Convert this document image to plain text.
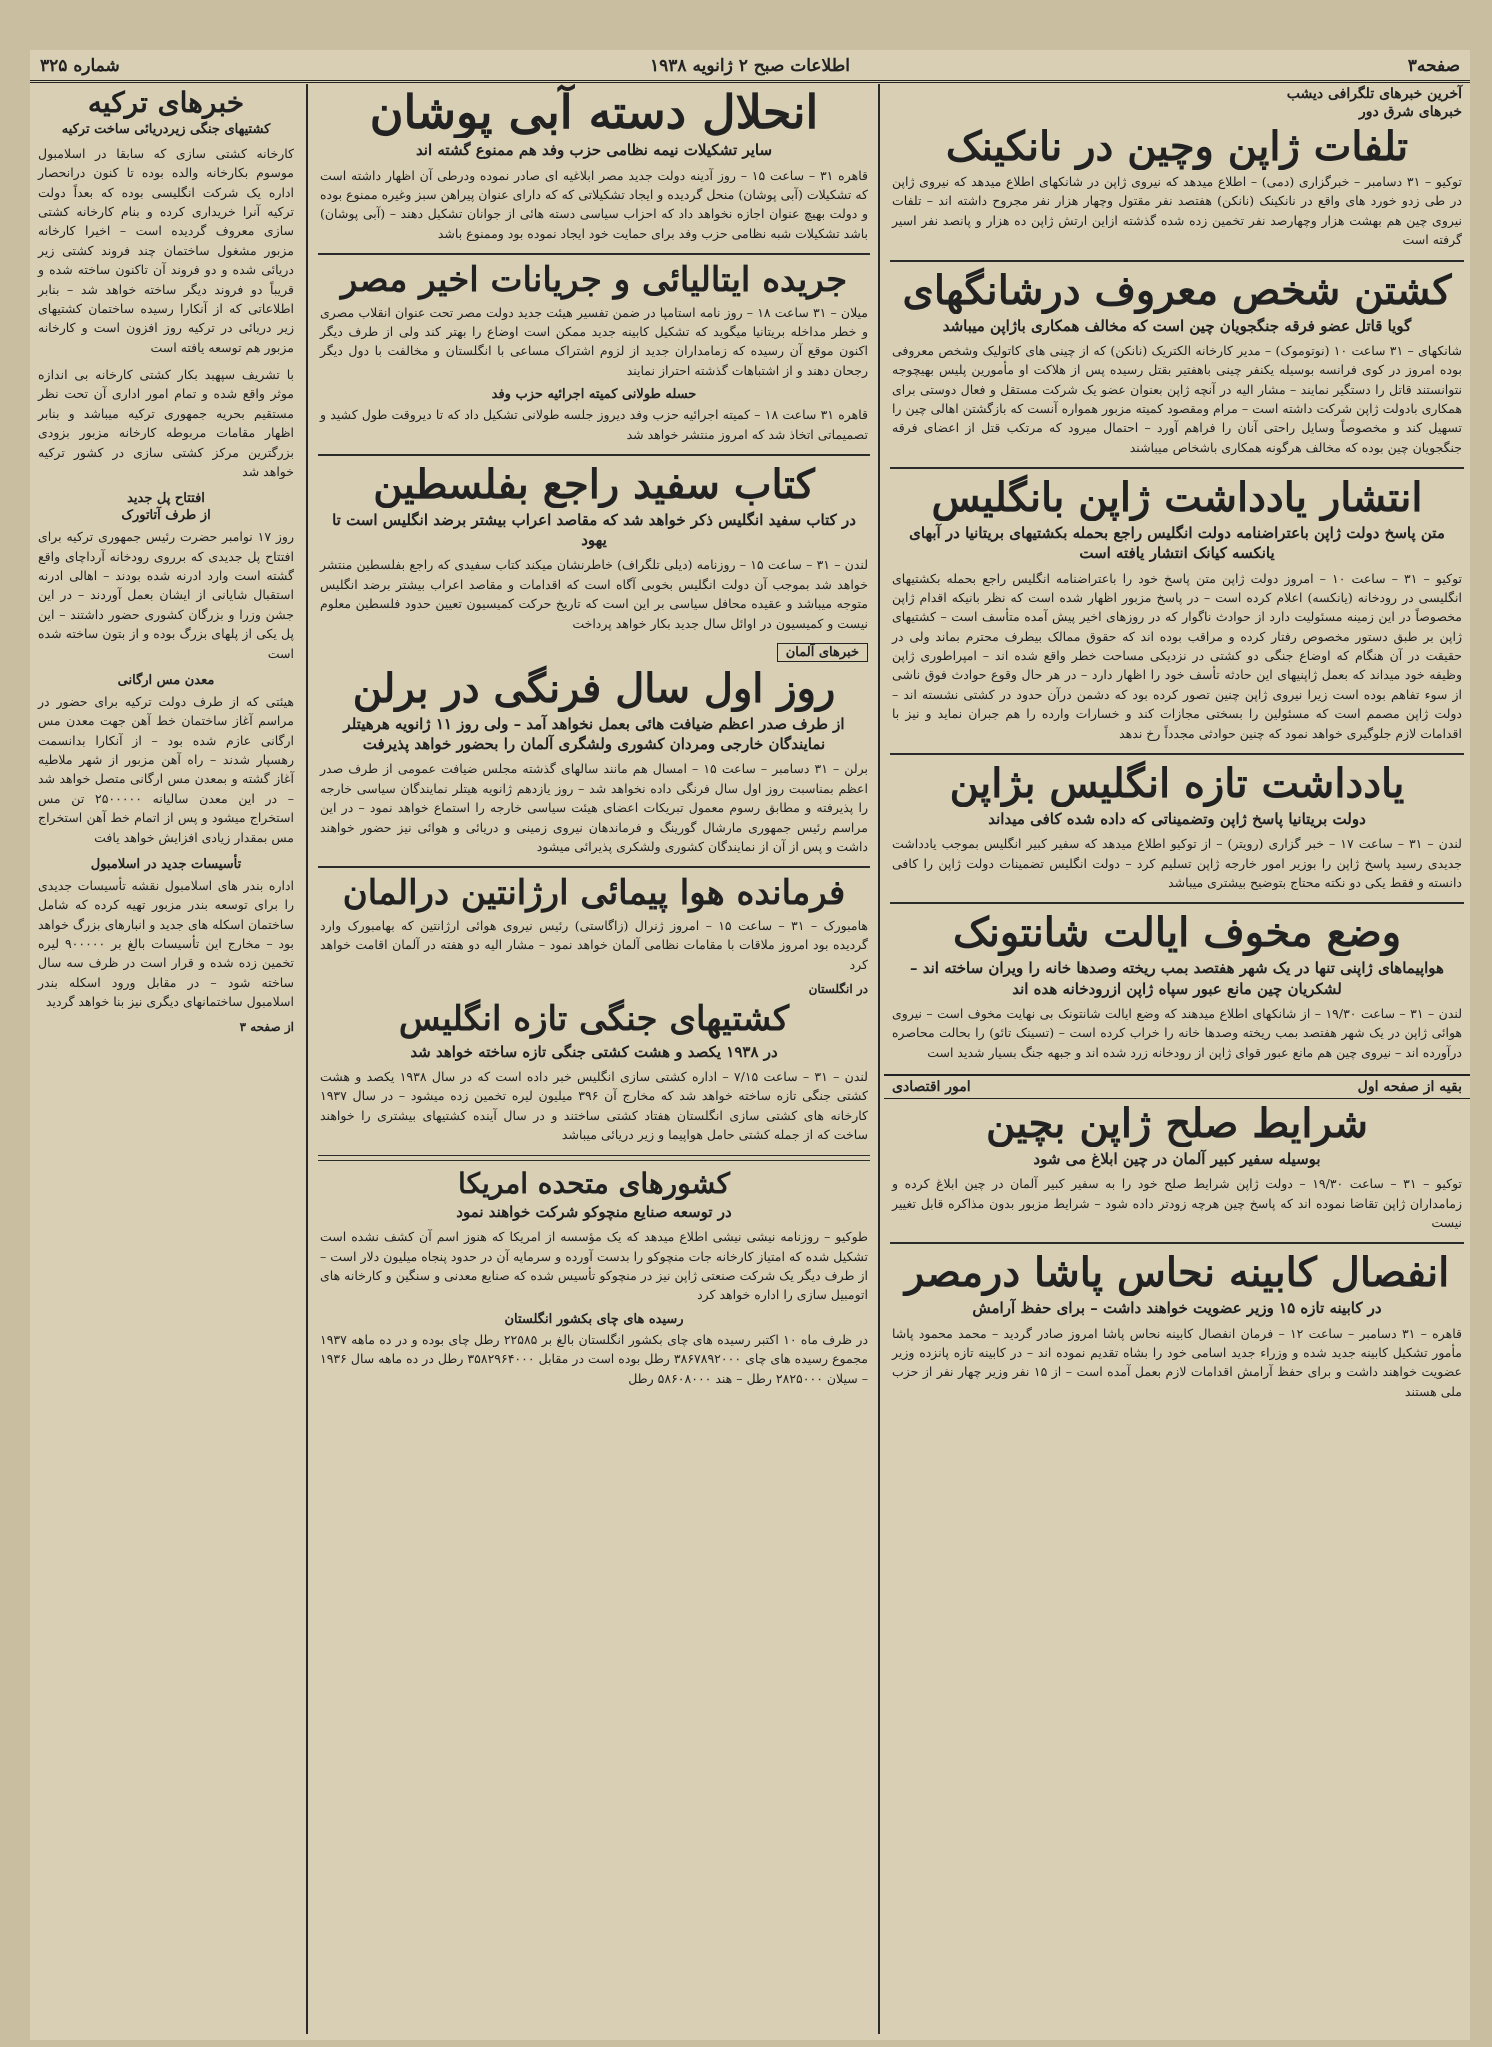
صفحه۳
اطلاعات صبح ۲ ژانویه ۱۹۳۸
شماره ۳۲۵
آخرین خبرهای تلگرافی دیشب
خبرهای شرق دور
تلفات ژاپن وچین در نانکینک

توکیو – ۳۱ دسامبر – خبرگزاری (دمی) – اطلاع میدهد که نیروی ژاپن در شانکهای اطلاع میدهد که نیروی ژاپن در طی زدو خورد های واقع در نانکینک (نانکن) هفتصد نفر مقتول وچهار هزار نفر مجروح داشته اند – تلفات نیروی چین هم بهشت هزار وچهارصد نفر تخمین زده شده گذشته ازاین ارتش ژاپن ده هزار و پانصد نفر اسیر گرفته است

کشتن شخص معروف درشانگهای
گویا قاتل عضو فرقه جنگجویان چین است که مخالف همکاری باژاپن میباشد

شانکهای – ۳۱ ساعت ۱۰ (نوتوموک) – مدیر کارخانه الکتریک (نانکن) که از چینی های کاتولیک وشخص معروفی بوده امروز در کوی فرانسه بوسیله یکنفر چینی باهفتیر بقتل رسیده پس از هلاکت او مأمورین پلیس بهیچوجه نتوانستند قاتل را دستگیر نمایند – مشار الیه در آنچه ژاپن بعنوان عضو یک شرکت مستقل و فعال دوستی برای همکاری بادولت ژاپن شرکت داشته است – مرام ومقصود کمیته مزبور همواره آنست که بازگشتن اهالی چین را تسهیل کند و مخصوصاً وسایل راحتی آنان را فراهم آورد – احتمال میرود که مرتکب قتل از اعضای فرقه جنگجویان چین بوده که مخالف هرگونه همکاری باشخاص میباشند

انتشار یادداشت ژاپن بانگلیس
متن پاسخ دولت ژاپن باعتراضنامه دولت انگلیس راجع بحمله بکشتیهای بریتانیا در آبهای یانکسه کیانک انتشار یافته است

توکیو – ۳۱ – ساعت ۱۰ – امروز دولت ژاپن متن پاسخ خود را باعتراضنامه انگلیس راجع بحمله بکشتیهای انگلیسی در رودخانه (یانکسه) اعلام کرده است – در پاسخ مزبور اظهار شده است که نظر بانیکه اقدام ژاپن مخصوصاً در این زمینه مسئولیت دارد از حوادث ناگوار که در روزهای اخیر پیش آمده متأسف است – کشتیهای ژاپن بر طبق دستور مخصوص رفتار کرده و مراقب بوده اند که حقوق ممالک بیطرف محترم بماند ولی در حقیقت در آن هنگام که اوضاع جنگی دو کشتی در نزدیکی مساحت خطر واقع شده اند – امپراطوری ژاپن وظیفه خود میداند که بعمل ژاپنیهای این حادثه تأسف خود را اظهار دارد – در هر حال وقوع حوادث فوق ناشی از سوء تفاهم بوده است زیرا نیروی ژاپن چنین تصور کرده بود که دشمن درآن حدود در کشتی نشسته اند – دولت ژاپن مصمم است که مسئولین را بسختی مجازات کند و خسارات وارده را هم جبران نماید و نیز با اقدامات لازم جلوگیری خواهد نمود که چنین حوادثی مجدداً رخ ندهد

یادداشت تازه انگلیس بژاپن
دولت بریتانیا پاسخ ژاپن وتضمیناتی که داده شده کافی میداند

لندن – ۳۱ – ساعت ۱۷ – خبر گزاری (رویتر) – از توکیو اطلاع میدهد که سفیر کبیر انگلیس بموجب یادداشت جدیدی رسید پاسخ ژاپن را بوزیر امور خارجه ژاپن تسلیم کرد – دولت انگلیس تضمینات دولت ژاپن را کافی دانسته و فقط یکی دو نکته محتاج بتوضیح بیشتری میباشد

وضع مخوف ایالت شانتونک
هواپیماهای ژاپنی تنها در یک شهر هفتصد بمب ریخته وصدها خانه را ویران ساخته اند – لشکریان چین مانع عبور سپاه ژاپن ازرودخانه هده اند

لندن – ۳۱ – ساعت ۱۹/۳۰ – از شانکهای اطلاع میدهند که وضع ایالت شانتونک بی نهایت مخوف است – نیروی هوائی ژاپن در یک شهر هفتصد بمب ریخته وصدها خانه را خراب کرده است – (تسینک تائو) را بحالت محاصره درآورده اند – نیروی چین هم مانع عبور قوای ژاپن از رودخانه زرد شده اند و جبهه جنگ بسیار شدید است

بقیه از صفحه اول
امور اقتصادی
شرایط صلح ژاپن بچین
بوسیله سفیر کبیر آلمان در چین ابلاغ می شود

توکیو – ۳۱ – ساعت ۱۹/۳۰ – دولت ژاپن شرایط صلح خود را به سفیر کبیر آلمان در چین ابلاغ کرده و زمامداران ژاپن تقاضا نموده اند که پاسخ چین هرچه زودتر داده شود – شرایط مزبور بدون مذاکره قابل تغییر نیست

انفصال کابینه نحاس پاشا درمصر
در کابینه تازه ۱۵ وزیر عضویت خواهند داشت – برای حفظ آرامش

قاهره – ۳۱ دسامبر – ساعت ۱۲ – فرمان انفصال کابینه نحاس پاشا امروز صادر گردید – محمد محمود پاشا مأمور تشکیل کابینه جدید شده و وزراء جدید اسامی خود را بشاه تقدیم نموده اند – در کابینه تازه پانزده وزیر عضویت خواهند داشت و برای حفظ آرامش اقدامات لازم بعمل آمده است – از ۱۵ نفر وزیر چهار نفر از حزب ملی هستند

انحلال دسته آبی پوشان
سایر تشکیلات نیمه نظامی حزب وفد هم ممنوع گشته اند

قاهره ۳۱ – ساعت ۱۵ – روز آدینه دولت جدید مصر ابلاغیه ای صادر نموده ودرطی آن اظهار داشته است که تشکیلات (آبی پوشان) منحل گردیده و ایجاد تشکیلاتی که که دارای عنوان پیراهن سبز وغیره ممنوع بوده و دولت بهیچ عنوان اجازه نخواهد داد که احزاب سیاسی دسته هائی از جوانان تشکیل دهند – (آبی پوشان) باشد تشکیلات شبه نظامی حزب وفد برای حمایت خود ایجاد نموده بود وممنوع باشد

جریده ایتالیائی و جریانات اخیر مصر

میلان – ۳۱ ساعت ۱۸ – روز نامه استامپا در ضمن تفسیر هیئت جدید دولت مصر تحت عنوان انقلاب مصری و خطر مداخله بریتانیا میگوید که تشکیل کابینه جدید ممکن است اوضاع را بهتر کند ولی از طرف دیگر اکنون موقع آن رسیده که زمامداران جدید از لزوم اشتراک مساعی با انگلستان و مخالفت با دول دیگر رجحان دهند و از اشتباهات گذشته احتراز نمایند

حسله طولانی کمیته اجرائیه حزب وفد

قاهره ۳۱ ساعت ۱۸ – کمیته اجرائیه حزب وفد دیروز جلسه طولانی تشکیل داد که تا دیروقت طول کشید و تصمیماتی اتخاذ شد که امروز منتشر خواهد شد

کتاب سفید راجع بفلسطین
در کتاب سفید انگلیس ذکر خواهد شد که مقاصد اعراب بیشتر برضد انگلیس است تا یهود

لندن – ۳۱ – ساعت ۱۵ – روزنامه (دیلی تلگراف) خاطرنشان میکند کتاب سفیدی که راجع بفلسطین منتشر خواهد شد بموجب آن دولت انگلیس بخوبی آگاه است که اقدامات و مقاصد اعراب بیشتر برضد انگلیس متوجه میباشد و عقیده محافل سیاسی بر این است که تاریخ حرکت کمیسیون تعیین حدود فلسطین معلوم نیست و کمیسیون در اوائل سال جدید بکار خواهد پرداخت

خبرهای آلمان
روز اول سال فرنگی در برلن
از طرف صدر اعظم ضیافت هائی بعمل نخواهد آمد – ولی روز ۱۱ ژانویه هرهیتلر نمایندگان خارجی ومردان کشوری ولشگری آلمان را بحضور خواهد پذیرفت

برلن – ۳۱ دسامبر – ساعت ۱۵ – امسال هم مانند سالهای گذشته مجلس ضیافت عمومی از طرف صدر اعظم بمناسبت روز اول سال فرنگی داده نخواهد شد – روز یازدهم ژانویه هیتلر نمایندگان سیاسی خارجه را پذیرفته و مطابق رسوم معمول تبریکات اعضای هیئت سیاسی خارجه را استماع خواهد نمود – در این مراسم رئیس جمهوری مارشال گورینگ و فرماندهان نیروی زمینی و دریائی و هوائی نیز حضور خواهند داشت و پس از آن از نمایندگان کشوری ولشکری پذیرائی میشود

فرمانده هوا پیمائی ارژانتین درالمان

هامبورک – ۳۱ – ساعت ۱۵ – امروز ژنرال (زاگاستی) رئیس نیروی هوائی ارژانتین که بهامبورک وارد گردیده بود امروز ملاقات با مقامات نظامی آلمان خواهد نمود – مشار الیه دو هفته در آلمان اقامت خواهد کرد

در انگلستان
کشتیهای جنگی تازه انگلیس
در ۱۹۳۸ یکصد و هشت کشتی جنگی تازه ساخته خواهد شد

لندن – ۳۱ – ساعت ۷/۱۵ – اداره کشتی سازی انگلیس خبر داده است که در سال ۱۹۳۸ یکصد و هشت کشتی جنگی تازه ساخته خواهد شد که مخارج آن ۳۹۶ میلیون لیره تخمین زده میشود – در سال ۱۹۳۷ کارخانه های کشتی سازی انگلستان هفتاد کشتی ساختند و در سال آینده کشتیهای بیشتری را خواهند ساخت که از جمله کشتی حامل هواپیما و زیر دریائی میباشد

کشورهای متحده امریکا
در توسعه صنایع منچوکو شرکت خواهند نمود

طوکیو – روزنامه نیشی نیشی اطلاع میدهد که یک مؤسسه از امریکا که هنوز اسم آن کشف نشده است تشکیل شده که امتیاز کارخانه جات منچوکو را بدست آورده و سرمایه آن در حدود پنجاه میلیون دلار است – از طرف دیگر یک شرکت صنعتی ژاپن نیز در منچوکو تأسیس شده که صنایع معدنی و سنگین و کارخانه های اتومبیل سازی را اداره خواهد کرد

رسیده های چای بکشور انگلستان

در ظرف ماه ۱۰ اکتبر رسیده های چای بکشور انگلستان بالغ بر ۲۲۵۸۵ رطل چای بوده و در ده ماهه ۱۹۳۷ مجموع رسیده های چای ۳۸۶۷۸۹۲۰۰۰ رطل بوده است در مقابل ۳۵۸۲۹۶۴۰۰۰ رطل در ده ماهه سال ۱۹۳۶ – سیلان ۲۸۲۵۰۰۰ رطل – هند ۵۸۶۰۸۰۰۰ رطل

خبرهای ترکیه
کشتیهای جنگی زیردریائی ساخت ترکیه

کارخانه کشتی سازی که سابقا در اسلامبول موسوم بکارخانه والده بوده تا کنون درانحصار اداره یک شرکت انگلیسی بوده که بعداً دولت ترکیه آنرا خریداری کرده و بنام کارخانه کشتی سازی معروف گردیده است – اخیرا کارخانه مزبور مشغول ساختمان چند فروند کشتی زیر دریائی شده و دو فروند آن تاکنون ساخته شده و قریباً دو فروند دیگر ساخته خواهد شد – بنابر اطلاعاتی که از آنکارا رسیده ساختمان کشتیهای زیر دریائی در ترکیه روز افزون است و کارخانه مزبور هم توسعه یافته است

با تشریف سپهبد بکار کشتی کارخانه بی اندازه موثر واقع شده و تمام امور اداری آن تحت نظر مستقیم بحریه جمهوری ترکیه میباشد و بنابر اظهار مقامات مربوطه کارخانه مزبور بزودی بزرگترین مرکز کشتی سازی در کشور ترکیه خواهد شد

افتتاح پل جدید
از طرف آتاتورک

روز ۱۷ نوامبر حضرت رئیس جمهوری ترکیه برای افتتاح پل جدیدی که برروی رودخانه آرداچای واقع گشته است وارد ادرنه شده بودند – اهالی ادرنه استقبال شایانی از ایشان بعمل آوردند – در این جشن وزرا و بزرگان کشوری حضور داشتند – این پل یکی از پلهای بزرگ بوده و از بتون ساخته شده است

معدن مس ارگانی

هیئتی که از طرف دولت ترکیه برای حضور در مراسم آغاز ساختمان خط آهن جهت معدن مس ارگانی عازم شده بود – از آنکارا بدانسمت رهسپار شدند – راه آهن مزبور از شهر ملاطیه آغاز گشته و بمعدن مس ارگانی متصل خواهد شد – در این معدن سالیانه ۲۵۰۰۰۰۰ تن مس استخراج میشود و پس از اتمام خط آهن استخراج مس بمقدار زیادی افزایش خواهد یافت

تأسیسات جدید در اسلامبول

اداره بندر های اسلامبول نقشه تأسیسات جدیدی را برای توسعه بندر مزبور تهیه کرده که شامل ساختمان اسکله های جدید و انبارهای بزرگ خواهد بود – مخارج این تأسیسات بالغ بر ۹۰۰۰۰۰ لیره تخمین زده شده و قرار است در ظرف سه سال ساخته شود – در مقابل ورود اسکله بندر اسلامبول ساختمانهای دیگری نیز بنا خواهد گردید

از صفحه ۳
